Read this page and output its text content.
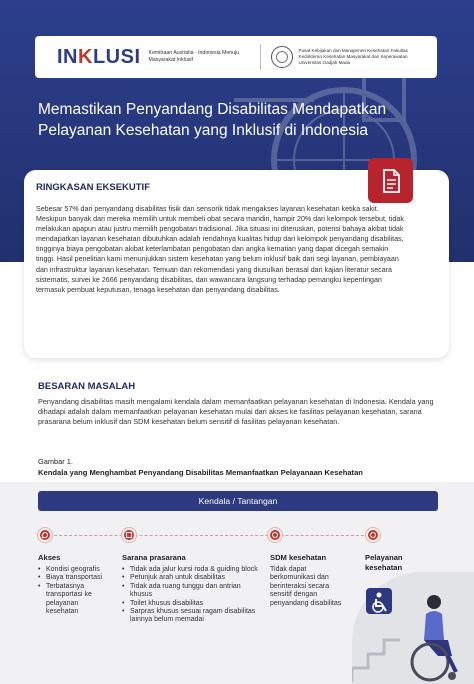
INKLUSI Kemitraan Australia - Indonesia Menuju Masyarakat Inklusif
Pusat Kebijakan dan Manajemen Kesehatan Fakultas Kedokteran Kesehatan Masyarakat dan Keperawatan Universitas Gadjah Mada
Memastikan Penyandang Disabilitas Mendapatkan
Pelayanan Kesehatan yang Inklusif di Indonesia
RINGKASAN EKSEKUTIF
Sebesar 57% dari penyandang disabilitas fisik dan sensorik tidak mengakses layanan kesehatan ketika sakit. Meskipun banyak dari mereka memilih untuk membeli obat secara mandiri, hampir 20% dari kelompok tersebut, tidak melakukan apapun atau justru memilih pengobatan tradisional. Jika situasi ini diteruskan, potensi bahaya akibat tidak mendapatkan layanan kesehatan dibutuhkan adalah rendahnya kualitas hidup dari kelompok penyandang disabilitas, tingginya biaya pengobatan akibat keterlambatan pengobatan dan angka kematian yang dapat dicegah semakin tinggi. Hasil penelitian kami menunjukkan sistem kesehatan yang belum inklusif baik dari segi layanan, pembiayaan dan infrastruktur layanan kesehatan. Temuan dan rekomendasi yang diusulkan berasal dari kajian literatur secara sistematis, survei ke 2666 penyandang disabilitas, dan wawancara langsung terhadap pemangku kepentingan termasuk pembuat keputusan, tenaga kesehatan dan penyandang disabilitas.
BESARAN MASALAH
Penyandang disabilitas masih mengalami kendala dalam memanfaatkan pelayanan kesehatan di Indonesia. Kendala yang dihadapi adalah dalam memanfaatkan pelayanan kesehatan mulai dari akses ke fasilitas pelayanan kesehatan, sarana prasarana belum inklusif dan SDM kesehatan belum sensitif di fasilitas pelayanan kesehatan.
Gambar 1.
Kendala yang Menghambat Penyandang Disabilitas Memanfaatkan Pelayanaan Kesehatan
Kendala / Tantangan
Akses
• Kondisi geografis
• Biaya transportasi
• Terbatasnya transportasi ke pelayanan kesehatan
Sarana prasarana
• Tidak ada jalur kursi roda & guiding block
• Petunjuk arah untuk disabilitas
• Tidak ada ruang tunggu dan antrian khusus
• Toilet khusus disabilitas
• Sarpras khusus sesuai ragam disabilitas lainnya belum memadai
SDM kesehatan
Tidak dapat berkomunikasi dan berinteraksi secara sensitif dengan penyandang disabilitas
Pelayanan kesehatan
